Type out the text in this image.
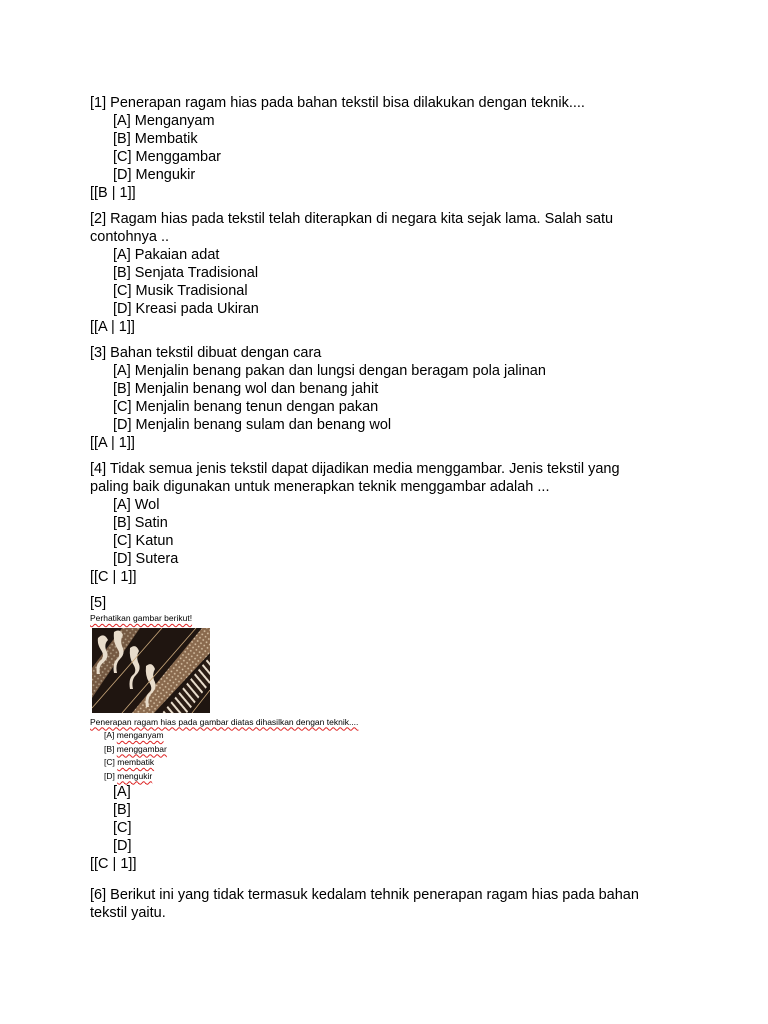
[1] Penerapan ragam hias pada bahan tekstil bisa dilakukan dengan teknik....
[A] Menganyam
[B] Membatik
[C] Menggambar
[D] Mengukir
[[B | 1]]
[2] Ragam hias pada tekstil telah diterapkan di negara kita sejak lama. Salah satu
contohnya ..
[A] Pakaian adat
[B] Senjata Tradisional
[C] Musik Tradisional
[D] Kreasi pada Ukiran
[[A | 1]]
[3] Bahan tekstil dibuat dengan cara
[A] Menjalin benang pakan dan lungsi dengan beragam pola jalinan
[B] Menjalin benang wol dan benang jahit
[C] Menjalin benang tenun dengan pakan
[D] Menjalin benang sulam dan benang wol
[[A | 1]]
[4] Tidak semua jenis tekstil dapat dijadikan media menggambar. Jenis tekstil yang
paling baik digunakan untuk menerapkan teknik menggambar adalah ...
[A] Wol
[B] Satin
[C] Katun
[D] Sutera
[[C | 1]]
[5]
Perhatikan gambar berikut!
Penerapan ragam hias pada gambar diatas dihasilkan dengan teknik....
[A] menganyam
[B] menggambar
[C] membatik
[D] mengukir
[A]
[B]
[C]
[D]
[[C | 1]]
[6] Berikut ini yang tidak termasuk kedalam tehnik penerapan ragam hias pada bahan
tekstil yaitu.
